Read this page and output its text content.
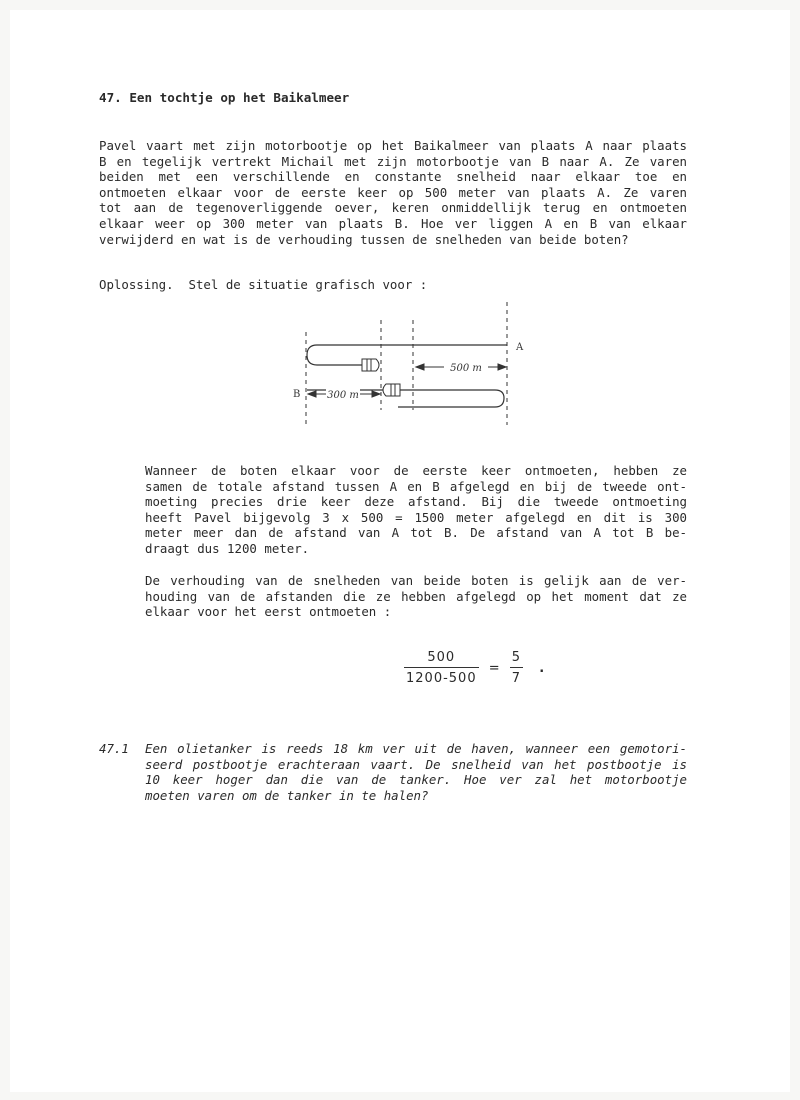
47. Een tochtje op het Baikalmeer

Pavel vaart met zijn motorbootje op het Baikalmeer van plaats A naar plaats

B en tegelijk vertrekt Michail met zijn motorbootje van B naar A. Ze varen

beiden met een verschillende en constante snelheid naar elkaar toe en

ontmoeten elkaar voor de eerste keer op 500 meter van plaats A. Ze varen

tot aan de tegenoverliggende oever, keren onmiddellijk terug en ontmoeten

elkaar weer op 300 meter van plaats B. Hoe ver liggen A en B van elkaar

verwijderd en wat is de verhouding tussen de snelheden van beide boten?

Oplossing.  Stel de situatie grafisch voor :
500 m
300 m
A
B

Wanneer de boten elkaar voor de eerste keer ontmoeten, hebben ze

samen de totale afstand tussen A en B afgelegd en bij de tweede ont-

moeting precies drie keer deze afstand. Bij die tweede ontmoeting

heeft Pavel bijgevolg 3 x 500 = 1500 meter afgelegd en dit is 300

meter meer dan de afstand van A tot B. De afstand van A tot B be-

draagt dus 1200 meter.

De verhouding van de snelheden van beide boten is gelijk aan de ver-

houding van de afstanden die ze hebben afgelegd op het moment dat ze

elkaar voor het eerst ontmoeten :

$\frac{500}{1200-500} = \frac{5}{7}$ .
47.1 Een olietanker is reeds 18 km ver uit de haven, wanneer een gemotori-

seerd postbootje erachteraan vaart. De snelheid van het postbootje is

10 keer hoger dan die van de tanker. Hoe ver zal het motorbootje

moeten varen om de tanker in te halen?
